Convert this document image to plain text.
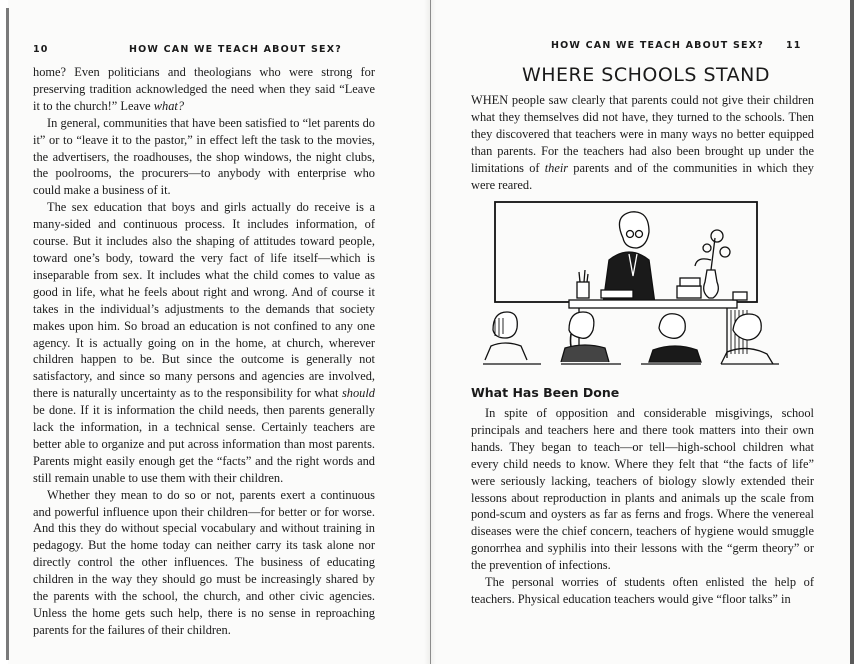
10	HOW CAN WE TEACH ABOUT SEX?

home? Even politicians and theologians who were strong for preserving tradition acknowledged the need when they said “Leave it to the church!” Leave what?

In general, communities that have been satisfied to “let parents do it” or to “leave it to the pastor,” in effect left the task to the movies, the advertisers, the roadhouses, the shop windows, the night clubs, the poolrooms, the procurers—to anybody with enterprise who could make a business of it.

The sex education that boys and girls actually do receive is a many-sided and continuous process. It includes information, of course. But it includes also the shaping of attitudes toward people, toward one’s body, toward the very fact of life itself—which is inseparable from sex. It includes what the child comes to value as good in life, what he feels about right and wrong. And of course it takes in the individual’s adjustments to the demands that society makes upon him. So broad an education is not confined to any one agency. It is actually going on in the home, at church, wherever children happen to be. But since the outcome is generally not satisfactory, and since so many persons and agencies are involved, there is naturally uncertainty as to the responsibility for what should be done. If it is information the child needs, then parents generally lack the information, in a technical sense. Certainly teachers are better able to organize and put across information than most parents. Parents might easily enough get the “facts” and the right words and still remain unable to use them with their children.

Whether they mean to do so or not, parents exert a continuous and powerful influence upon their children—for better or for worse. And this they do without special vocabulary and without training in pedagogy. But the home today can neither carry its task alone nor directly control the other influences. The business of educating children in the way they should go must be increasingly shared by the parents with the school, the church, and other civic agencies. Unless the home gets such help, there is no sense in reproaching parents for the failures of their children.

HOW CAN WE TEACH ABOUT SEX? 11
WHERE SCHOOLS STAND

WHEN people saw clearly that parents could not give their children what they themselves did not have, they turned to the schools. Then they discovered that teachers were in many ways no better equipped than parents. For the teachers had also been brought up under the limitations of their parents and of the communities in which they were reared.

What Has Been Done

In spite of opposition and considerable misgivings, school principals and teachers here and there took matters into their own hands. They began to teach—or tell—high-school children what every child needs to know. Where they felt that “the facts of life” were seriously lacking, teachers of biology slowly extended their lessons about reproduction in plants and animals up the scale from pond-scum and oysters as far as ferns and frogs. Where the venereal diseases were the chief concern, teachers of hygiene would smuggle gonorrhea and syphilis into their lessons with the “germ theory” or the prevention of infections.

The personal worries of students often enlisted the help of teachers. Physical education teachers would give “floor talks” in
